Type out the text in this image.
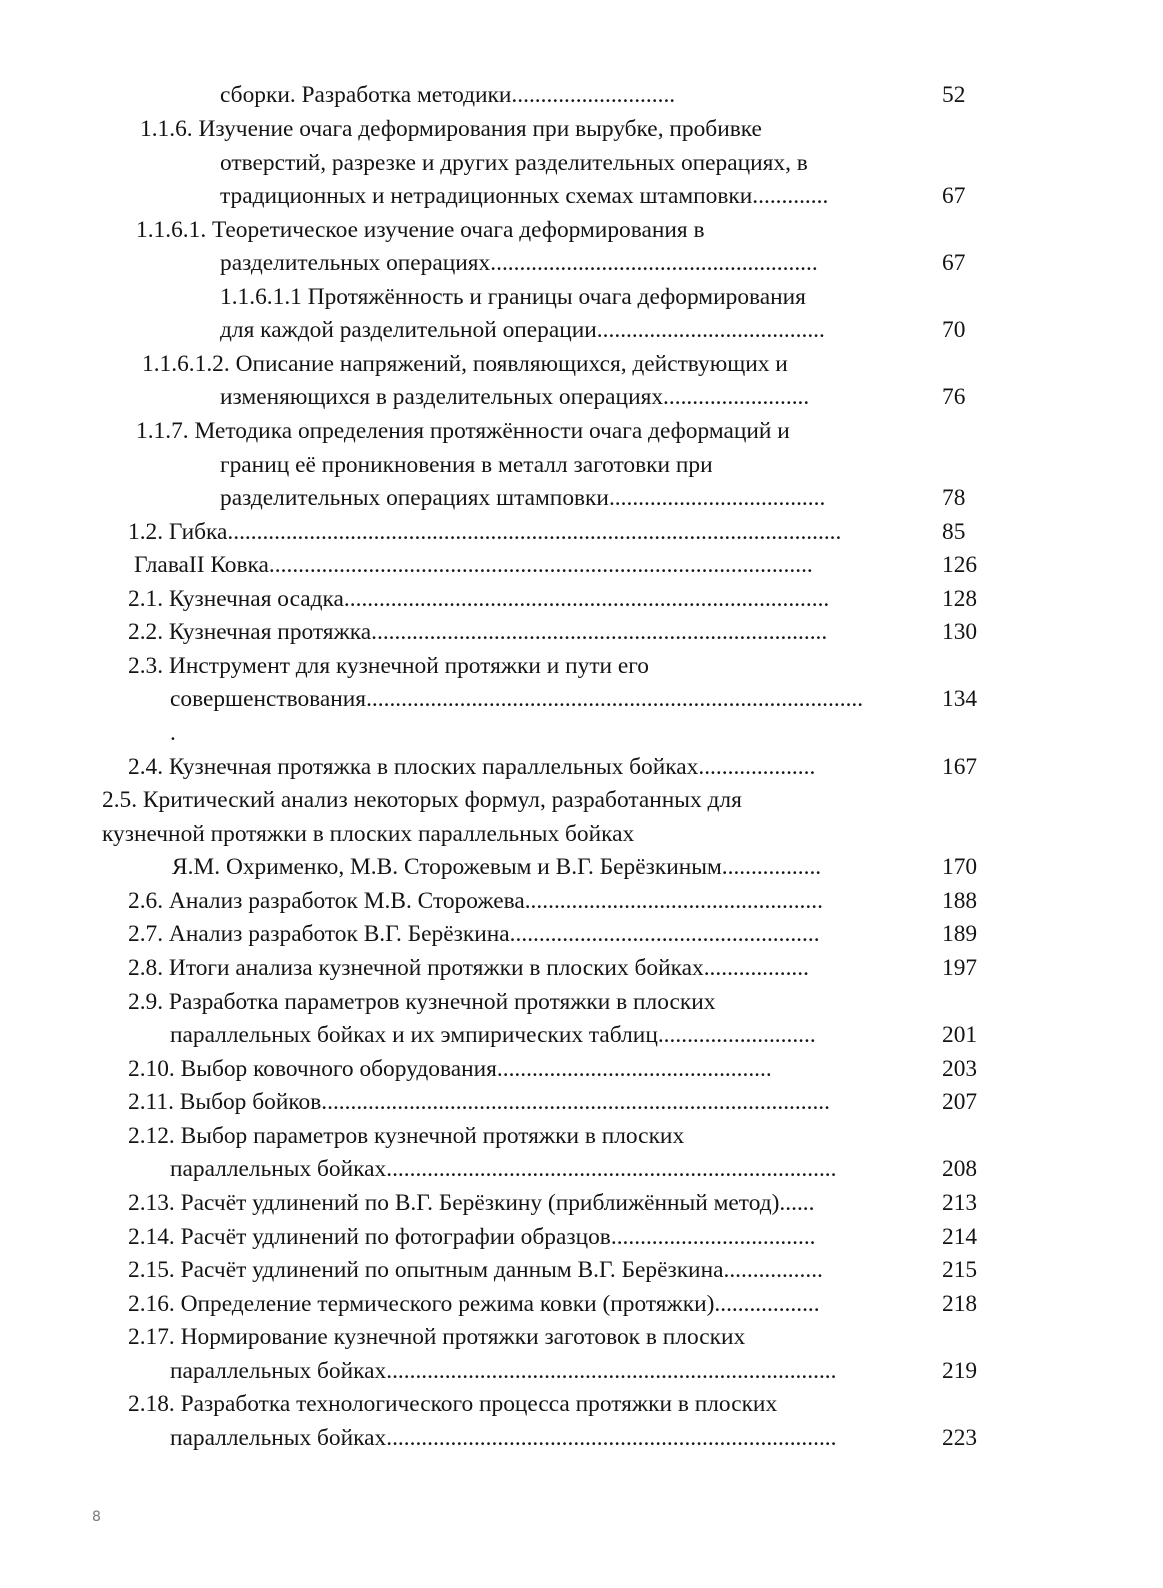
сборки. Разработка методики............................	52
1.1.6. Изучение очага деформирования при вырубке, пробивке
отверстий, разрезке и других разделительных операциях, в
традиционных и нетрадиционных схемах штамповки.............	67
1.1.6.1. Теоретическое изучение очага деформирования в
разделительных операциях........................................................	67
1.1.6.1.1 Протяжённость и границы очага деформирования
для каждой разделительной операции.......................................	70
1.1.6.1.2. Описание напряжений, появляющихся, действующих и
изменяющихся в разделительных операциях.........................	76
1.1.7. Методика определения протяжённости очага деформаций и
границ её проникновения в металл заготовки при
разделительных операциях штамповки.....................................	78
1.2. Гибка.........................................................................................................	85
ГлаваII Ковка.............................................................................................	126
2.1. Кузнечная осадка...................................................................................	128
2.2. Кузнечная протяжка..............................................................................	130
2.3. Инструмент для кузнечной протяжки и пути его
совершенствования.....................................................................................	134
.
2.4. Кузнечная протяжка в плоских параллельных бойках....................	167
2.5. Критический анализ некоторых формул, разработанных для
кузнечной протяжки в плоских параллельных бойках
Я.М. Охрименко, М.В. Сторожевым и В.Г. Берёзкиным.................	170
2.6. Анализ разработок М.В. Сторожева...................................................	188
2.7. Анализ разработок В.Г. Берёзкина.....................................................	189
2.8. Итоги анализа кузнечной протяжки в плоских бойках..................	197
2.9. Разработка параметров кузнечной протяжки в плоских
параллельных бойках и их эмпирических таблиц...........................	201
2.10. Выбор ковочного оборудования...............................................	203
2.11. Выбор бойков.......................................................................................	207
2.12. Выбор параметров кузнечной протяжки в плоских
параллельных бойках.............................................................................	208
2.13. Расчёт удлинений по В.Г. Берёзкину (приближённый метод)......	213
2.14. Расчёт удлинений по фотографии образцов...................................	214
2.15. Расчёт удлинений по опытным данным В.Г. Берёзкина.................	215
2.16. Определение термического режима ковки (протяжки)..................	218
2.17. Нормирование кузнечной протяжки заготовок в плоских
параллельных бойках.............................................................................	219
2.18. Разработка технологического процесса протяжки в плоских
параллельных бойках.............................................................................	223
8
